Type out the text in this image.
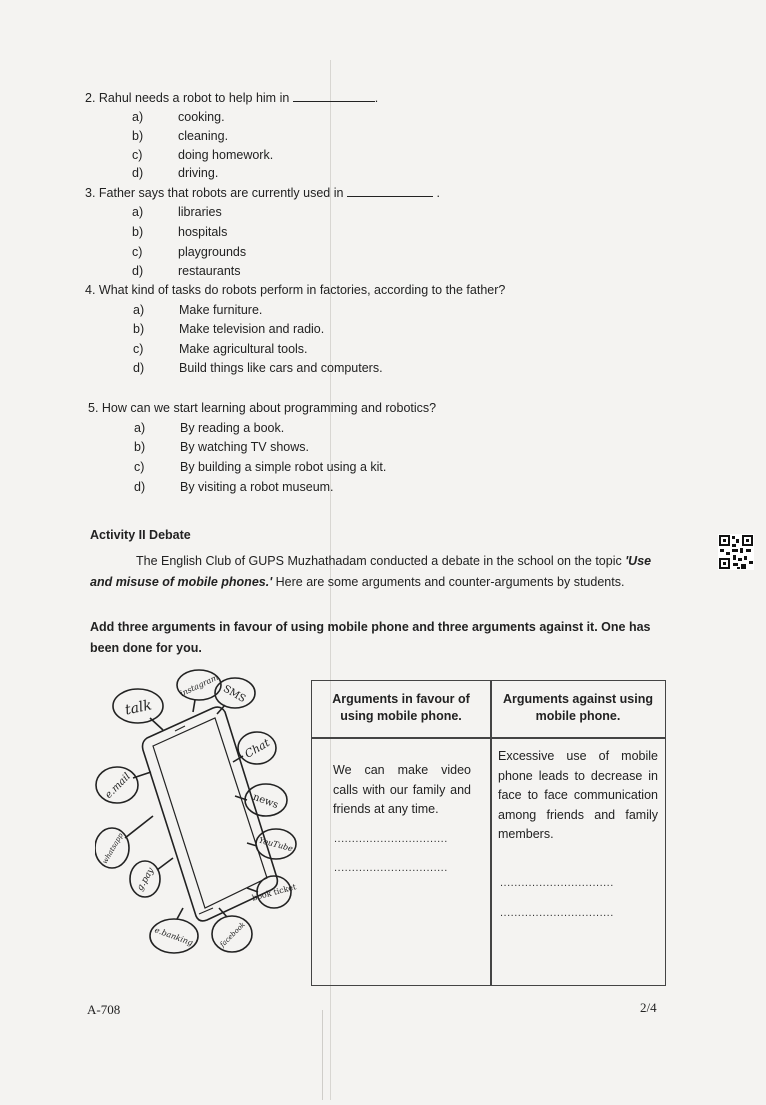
2. Rahul needs a robot to help him in	.
a)	cooking.
b)	cleaning.
c)	doing homework.
d)	driving.
3. Father says that robots are currently used in	.
a)	libraries
b)	hospitals
c)	playgrounds
d)	restaurants
4. What kind of tasks do robots perform in factories, according to the father?
a)	Make furniture.
b)	Make television and radio.
c)	Make agricultural tools.
d)	Build things like cars and computers.
5. How can we start learning about programming and robotics?
a)	By reading a book.
b)	By watching TV shows.
c)	By building a simple robot using a kit.
d)	By visiting a robot museum.
Activity II Debate
The English Club of GUPS Muzhathadam conducted a debate in the school on the topic 'Use and misuse of mobile phones.' Here are some arguments and counter-arguments by students.
Add three arguments in favour of using mobile phone and three arguments against it. One has been done for you.
talk
instagram SMS
Chat
e.mail
news
whatsapp	YouTube
g.pay	book ticket
e.banking	facebook
Arguments in favour of using mobile phone.
Arguments against using mobile phone.
We can make video calls with our family and friends at any time.
................................
................................
Excessive use of mobile phone leads to decrease in face to face communication among friends and family members.
................................
................................
A-708	2/4
